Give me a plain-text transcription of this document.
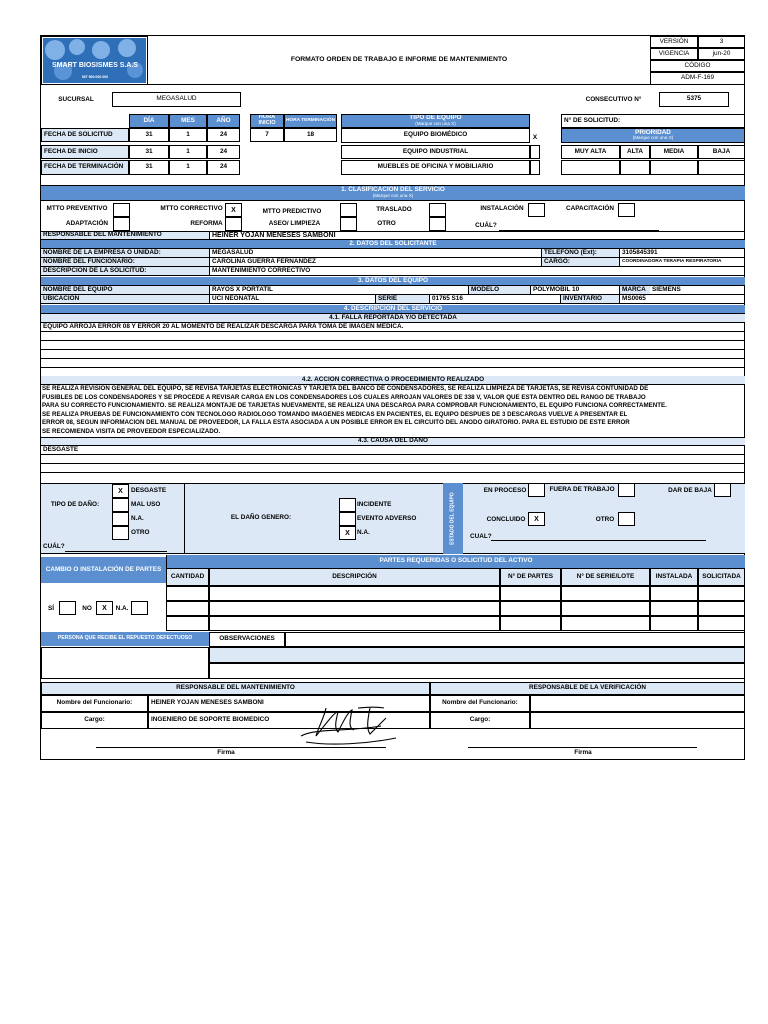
SMART BIOSISMES S.A.S
NIT 900.000.000
FORMATO ORDEN DE TRABAJO E INFORME DE MANTENIMIENTO
VERSIÓN	3
VIGENCIA	jun-20
CÓDIGO
ADM-F-169
SUCURSAL	MEGASALUD	CONSECUTIVO N°	5375
DÍA	MES	AÑO	HORA INICIO	HORA TERMINACIÓN
FECHA DE SOLICITUD	31	1	24	7	18
FECHA DE INICIO	31	1	24
FECHA DE TERMINACIÓN	31	1	24
TIPO DE EQUIPO
(Marque con una X)
EQUIPO BIOMÉDICO	X
EQUIPO INDUSTRIAL
MUEBLES DE OFICINA Y MOBILIARIO
N° DE SOLICITUD:
PRIORIDAD
(Marque con una X)
MUY ALTA	ALTA	MEDIA	BAJA
1. CLASIFICACION DEL SERVICIO
(Marque con una X)
MTTO PREVENTIVO	MTTO CORRECTIVO	X	MTTO PREDICTIVO	TRASLADO	INSTALACIÓN	CAPACITACIÓN
ADAPTACIÓN	REFORMA	ASEO/ LIMPIEZA	OTRO	CUÁL?
RESPONSABLE DEL MANTENIMIENTO	HEINER YOJAN MENESES SAMBONI
2. DATOS DEL SOLICITANTE
NOMBRE DE LA EMPRESA O UNIDAD:	MEGASALUD	TELEFONO (Ext):	3105845391
NOMBRE DEL FUNCIONARIO:	CAROLINA GUERRA FERNANDEZ	CARGO:	COORDINADORA TERAPIA RESPIRATORIA
DESCRIPCIÓN DE LA SOLICITUD:	MANTENIMIENTO CORRECTIVO
3. DATOS DEL EQUIPO
NOMBRE DEL EQUIPO	RAYOS X PORTATIL	MODELO	POLYMOBIL 10	MARCA SIEMENS
UBICACIÓN	UCI NEONATAL	SERIE	01765 S16	INVENTARIO	MS0065
4. DESCRIPCIÓN DEL SERVICIO
4.1. FALLA REPORTADA Y/O DETECTADA
EQUIPO ARROJA ERROR 08 Y ERROR 20 AL MOMENTO DE REALIZAR DESCARGA PARA TOMA DE IMAGEN MEDICA.
4.2. ACCIÓN CORRECTIVA O PROCEDIMIENTO REALIZADO
SE REALIZA REVISION GENERAL DEL EQUIPO, SE REVISA TARJETAS ELECTRONICAS Y TARJETA DEL BANCO DE CONDENSADORES, SE REALIZA LIMPIEZA DE TARJETAS, SE REVISA CONTUNIDAD DE
FUSIBLES DE LOS CONDENSADORES Y SE PROCEDE A REVISAR CARGA EN LOS CONDENSADORES LOS CUALES ARROJAN VALORES DE 338 V, VALOR QUE ESTA DENTRO DEL RANGO DE TRABAJO
PARA SU CORRECTO FUNCIONAMIENTO. SE REALIZA MONTAJE DE TARJETAS NUEVAMENTE, SE REALIZA UNA DESCARGA PARA COMPROBAR FUNCIONAMIENTO, EL EQUIPO FUNCIONA CORRECTAMENTE.
SE REALIZA PRUEBAS DE FUNCIONAMIENTO CON TECNOLOGO RADIOLOGO TOMANDO IMAGENES MEDICAS EN PACIENTES, EL EQUIPO DESPUES DE 3 DESCARGAS VUELVE A PRESENTAR EL
ERROR 08, SEGUN INFORMACIÓN DEL MANUAL DE PROVEEDOR, LA FALLA ESTA ASOCIADA A UN POSIBLE ERROR EN EL CIRCUITO DEL ANODO GIRATORIO. PARA EL ESTUDIO DE ESTE ERROR
SE RECOMIENDA VISITA DE PROVEEDOR ESPECIALIZADO.
4.3. CAUSA DEL DAÑO
DESGASTE
X	DESGASTE
TIPO DE DAÑO:	MAL USO
N.A.
OTRO
CUÁL?
EL DAÑO GENERO:
INCIDENTE
EVENTO ADVERSO
X	N.A.	ESTADO DEL EQUIPO
EN PROCESO	FUERA DE TRABAJO	DAR DE BAJA
CONCLUIDO	X	OTRO
CUAL?
CAMBIO O INSTALACIÓN DE PARTES
SÍ	NO	X	N.A.
PARTES REQUERIDAS O SOLICITUD DEL ACTIVO
CANTIDAD	DESCRIPCIÓN	N° DE PARTES	N° DE SERIE/LOTE	INSTALADA	SOLICITADA
PERSONA QUE RECIBE EL REPUESTO DEFECTUOSO	OBSERVACIONES
RESPONSABLE DEL MANTENIMIENTO	RESPONSABLE DE LA VERIFICACIÓN
Nombre del Funcionario:	HEINER YOJAN MENESES SAMBONI	Nombre del Funcionario:
Cargo:	INGENIERO DE SOPORTE BIOMEDICO	Cargo:
Firma	Firma
